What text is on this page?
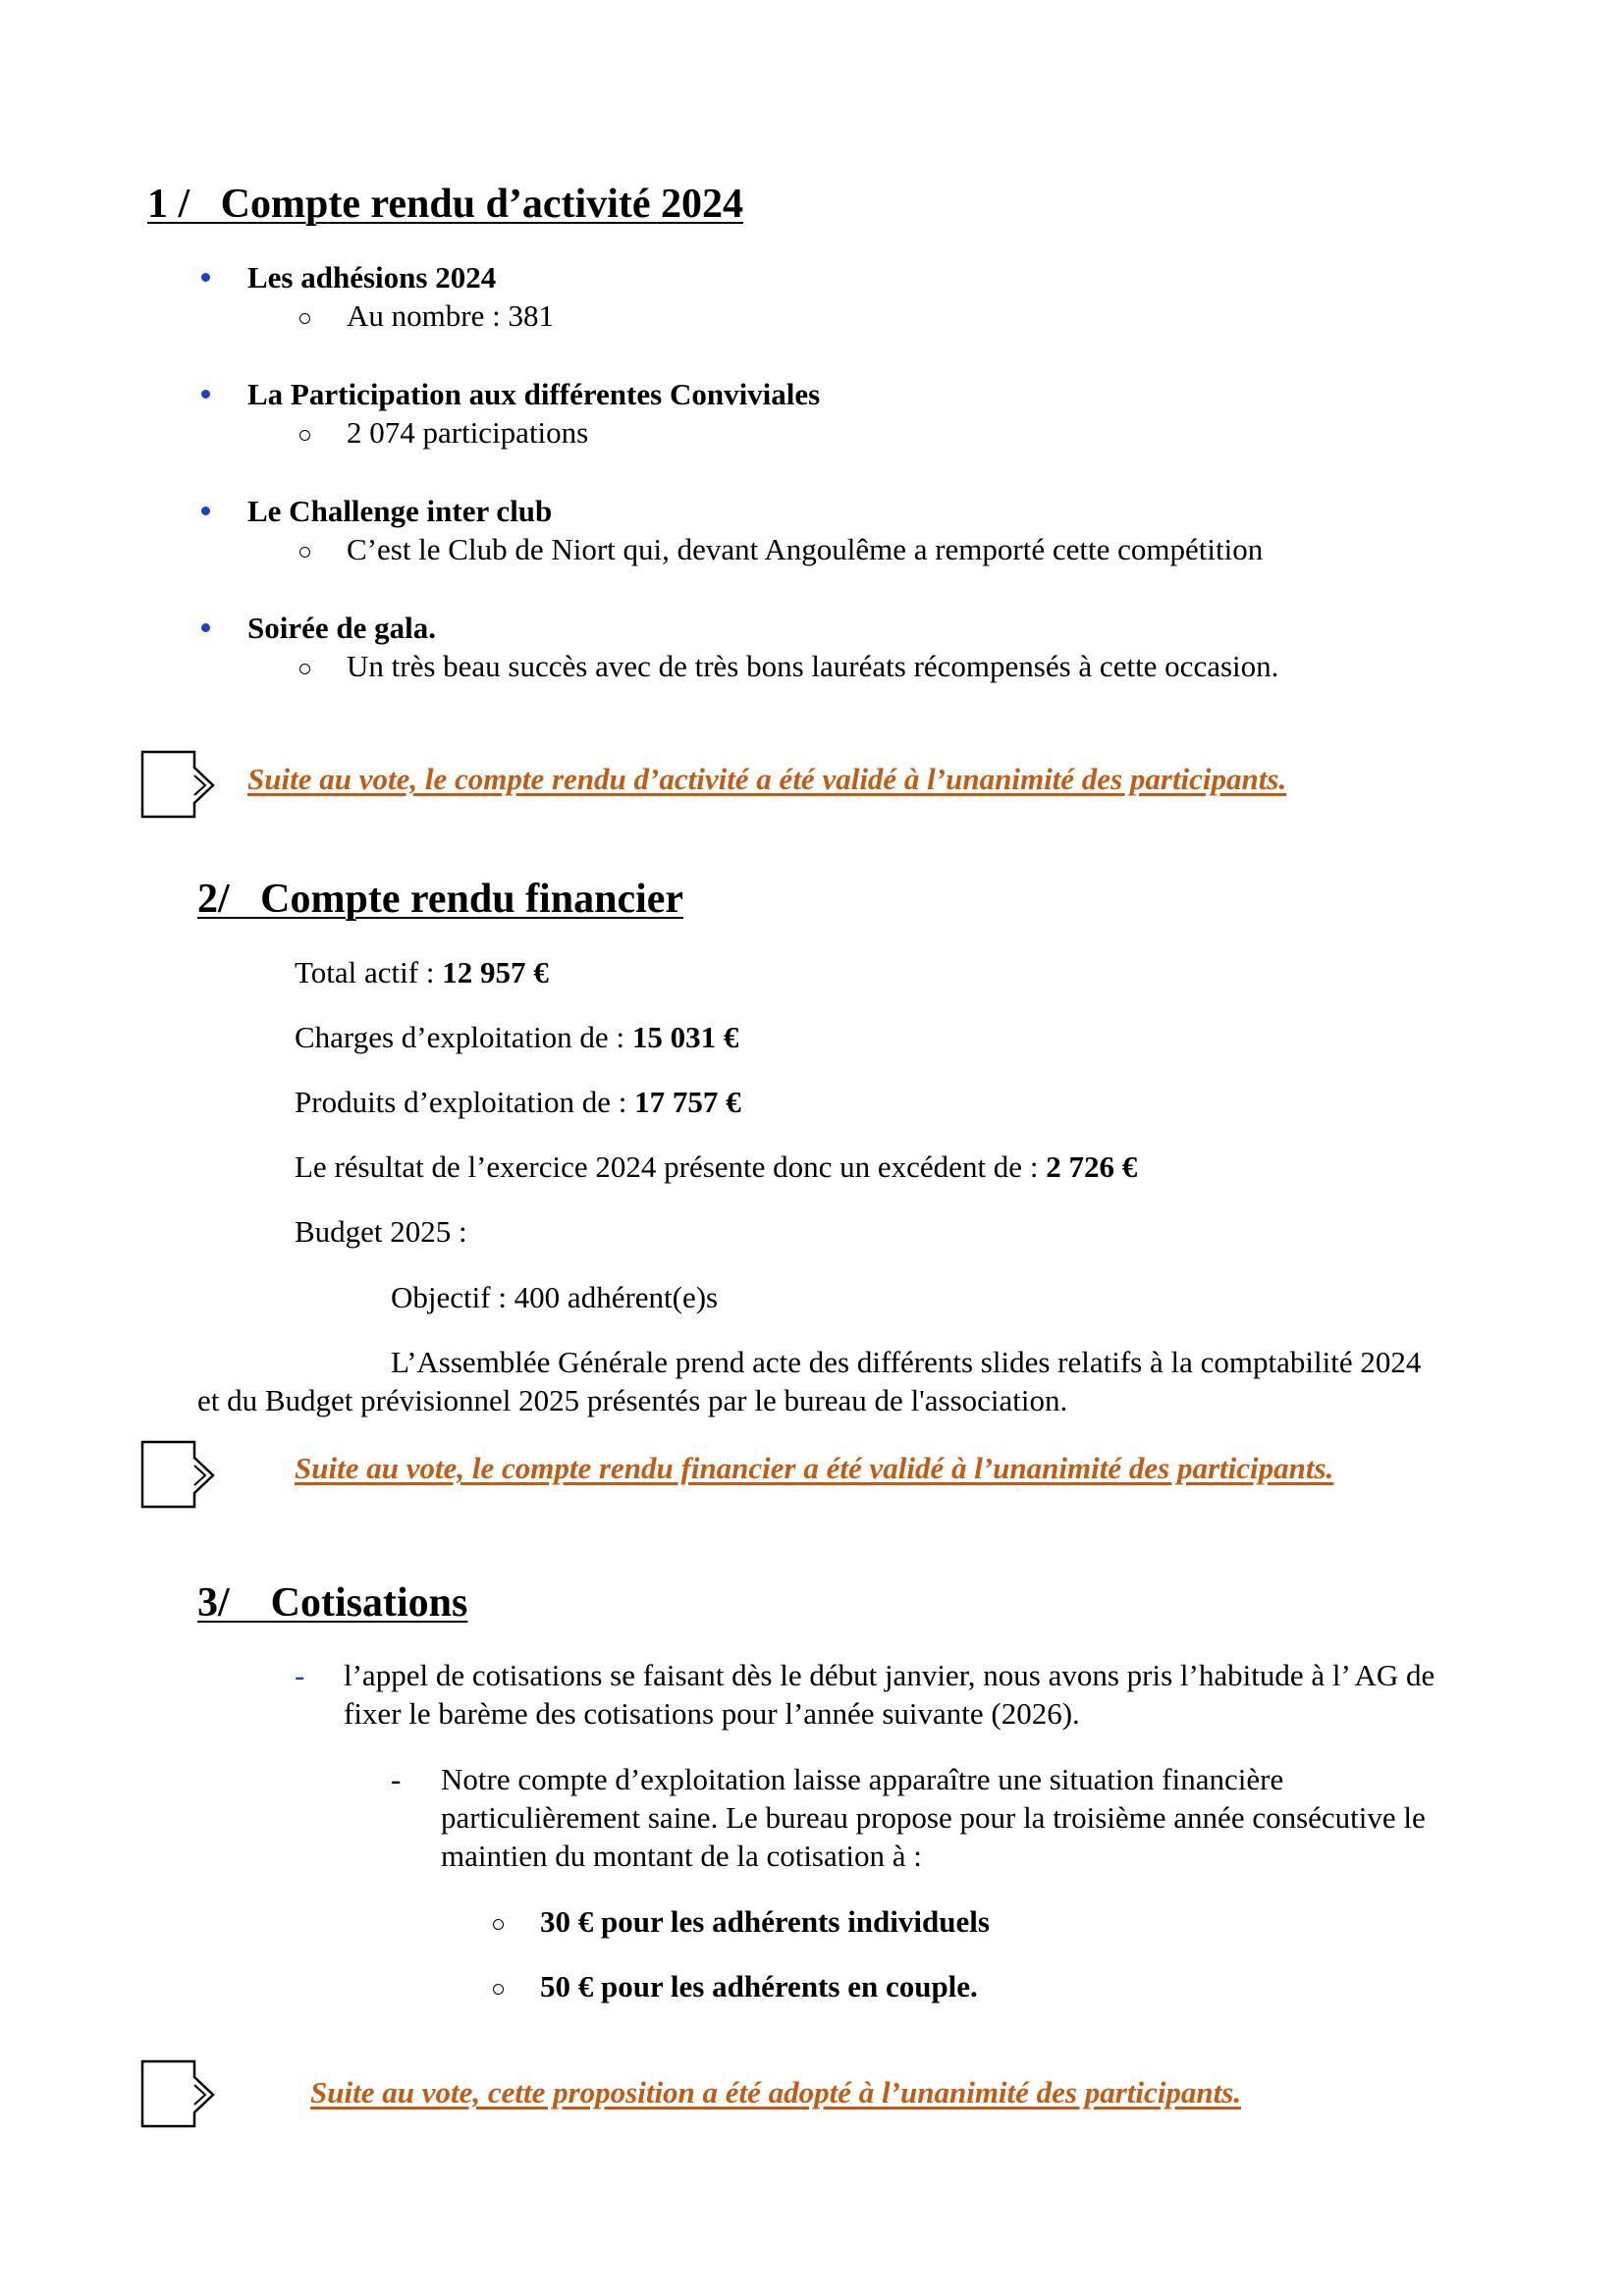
1 /   Compte rendu d’activité 2024
Les adhésions 2024
Au nombre : 381
La Participation aux différentes Conviviales
2 074 participations
Le Challenge inter club
C’est le Club de Niort qui, devant Angoulême a remporté cette compétition
Soirée de gala.
Un très beau succès avec de très bons lauréats récompensés à cette occasion.
Suite au vote, le compte rendu d’activité a été validé à l’unanimité des participants.
2/   Compte rendu financier
Total actif : 12 957 €
Charges d’exploitation de : 15 031 €
Produits d’exploitation de : 17 757 €
Le résultat de l’exercice 2024 présente donc un excédent de : 2 726 €
Budget 2025 :
Objectif : 400 adhérent(e)s
L’Assemblée Générale prend acte des différents slides relatifs à la comptabilité 2024
et du Budget prévisionnel 2025 présentés par le bureau de l'association.
Suite au vote, le compte rendu financier a été validé à l’unanimité des participants.
3/    Cotisations
- l’appel de cotisations se faisant dès le début janvier, nous avons pris l’habitude à l’ AG de
fixer le barème des cotisations pour l’année suivante (2026).
- Notre compte d’exploitation laisse apparaître une situation financière
particulièrement saine. Le bureau propose pour la troisième année consécutive le
maintien du montant de la cotisation à :
30 € pour les adhérents individuels
50 € pour les adhérents en couple.
Suite au vote, cette proposition a été adopté à l’unanimité des participants.
